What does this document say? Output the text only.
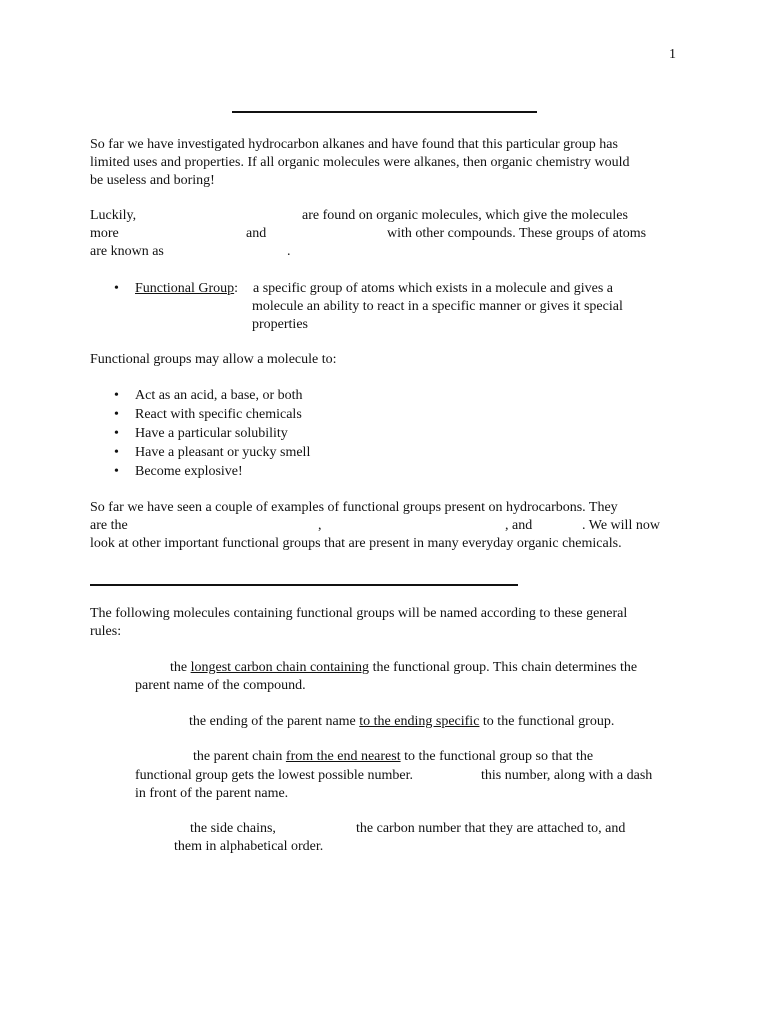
1
So far we have investigated hydrocarbon alkanes and have found that this particular group has
limited uses and properties. If all organic molecules were alkanes, then organic chemistry would
be useless and boring!
Luckily,	are found on organic molecules, which give the molecules
more	and	with other compounds. These groups of atoms
are known as	.
• Functional Group: a specific group of atoms which exists in a molecule and gives a
molecule an ability to react in a specific manner or gives it special
properties
Functional groups may allow a molecule to:
• Act as an acid, a base, or both
• React with specific chemicals
• Have a particular solubility
• Have a pleasant or yucky smell
• Become explosive!
So far we have seen a couple of examples of functional groups present on hydrocarbons. They
are the	,	, and	. We will now
look at other important functional groups that are present in many everyday organic chemicals.
The following molecules containing functional groups will be named according to these general
rules:
the longest carbon chain containing the functional group. This chain determines the
parent name of the compound.
the ending of the parent name to the ending specific to the functional group.
the parent chain from the end nearest to the functional group so that the
functional group gets the lowest possible number.	this number, along with a dash
in front of the parent name.
the side chains,	the carbon number that they are attached to, and
them in alphabetical order.
